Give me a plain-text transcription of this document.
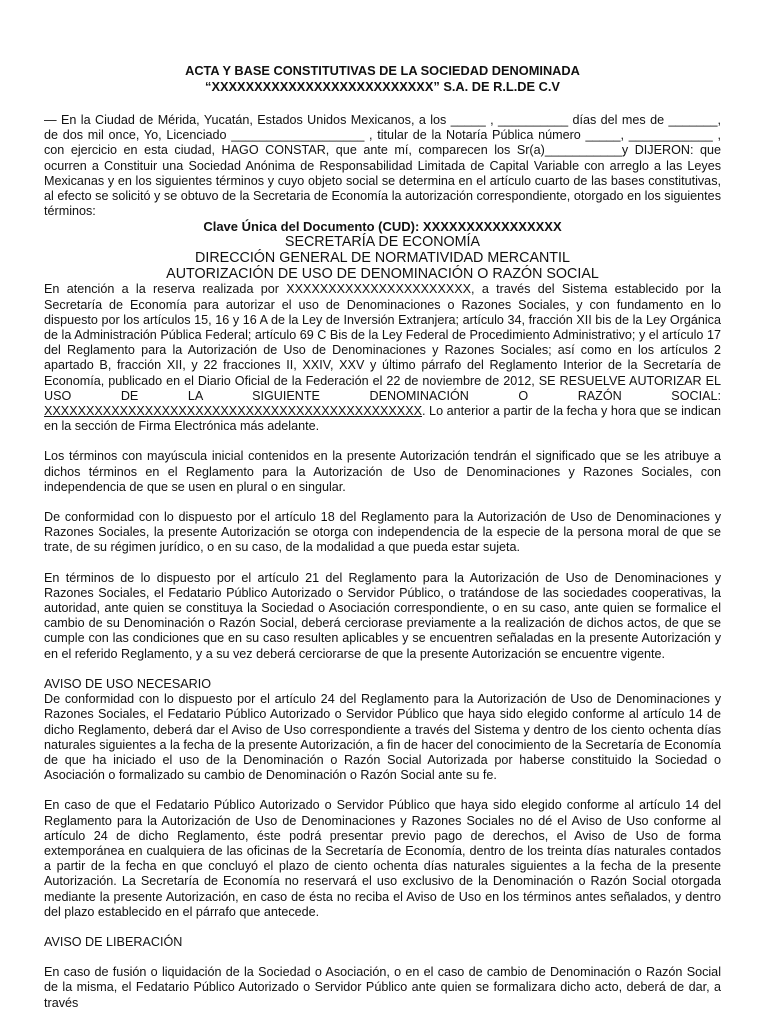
ACTA Y BASE CONSTITUTIVAS DE LA SOCIEDAD DENOMINADA
“XXXXXXXXXXXXXXXXXXXXXXXXXX” S.A. DE R.L.DE C.V

— En la Ciudad de Mérida, Yucatán, Estados Unidos Mexicanos, a los _____ , __________ días del mes de _______, de dos mil once, Yo, Licenciado ___________________ , titular de la Notaría Pública número _____, ____________ , con ejercicio en esta ciudad, HAGO CONSTAR, que ante mí, comparecen los Sr(a)___________y DIJERON: que ocurren a Constituir una Sociedad Anónima de Responsabilidad Limitada de Capital Variable con arreglo a las Leyes Mexicanas y en los siguientes términos y cuyo objeto social se determina en el artículo cuarto de las bases constitutivas, al efecto se solicitó y se obtuvo de la Secretaria de Economía la autorización correspondiente, otorgado en los siguientes términos:

Clave Única del Documento (CUD): XXXXXXXXXXXXXXXX
SECRETARÍA DE ECONOMÍA
DIRECCIÓN GENERAL DE NORMATIVIDAD MERCANTIL
AUTORIZACIÓN DE USO DE DENOMINACIÓN O RAZÓN SOCIAL

En atención a la reserva realizada por XXXXXXXXXXXXXXXXXXXXXX, a través del Sistema establecido por la Secretaría de Economía para autorizar el uso de Denominaciones o Razones Sociales, y con fundamento en lo dispuesto por los artículos 15, 16 y 16 A de la Ley de Inversión Extranjera; artículo 34, fracción XII bis de la Ley Orgánica de la Administración Pública Federal; artículo 69 C Bis de la Ley Federal de Procedimiento Administrativo; y el artículo 17 del Reglamento para la Autorización de Uso de Denominaciones y Razones Sociales; así como en los artículos 2 apartado B, fracción XII, y 22 fracciones II, XXIV, XXV y último párrafo del Reglamento Interior de la Secretaría de Economía, publicado en el Diario Oficial de la Federación el 22 de noviembre de 2012, SE RESUELVE AUTORIZAR EL USO DE LA SIGUIENTE DENOMINACIÓN O RAZÓN SOCIAL: XXXXXXXXXXXXXXXXXXXXXXXXXXXXXXXXXXXXXXXXXXXXX. Lo anterior a partir de la fecha y hora que se indican en la sección de Firma Electrónica más adelante.

Los términos con mayúscula inicial contenidos en la presente Autorización tendrán el significado que se les atribuye a dichos términos en el Reglamento para la Autorización de Uso de Denominaciones y Razones Sociales, con independencia de que se usen en plural o en singular.

De conformidad con lo dispuesto por el artículo 18 del Reglamento para la Autorización de Uso de Denominaciones y Razones Sociales, la presente Autorización se otorga con independencia de la especie de la persona moral de que se trate, de su régimen jurídico, o en su caso, de la modalidad a que pueda estar sujeta.

En términos de lo dispuesto por el artículo 21 del Reglamento para la Autorización de Uso de Denominaciones y Razones Sociales, el Fedatario Público Autorizado o Servidor Público, o tratándose de las sociedades cooperativas, la autoridad, ante quien se constituya la Sociedad o Asociación correspondiente, o en su caso, ante quien se formalice el cambio de su Denominación o Razón Social, deberá cerciorase previamente a la realización de dichos actos, de que se cumple con las condiciones que en su caso resulten aplicables y se encuentren señaladas en la presente Autorización y en el referido Reglamento, y a su vez deberá cerciorarse de que la presente Autorización se encuentre vigente.

AVISO DE USO NECESARIO

De conformidad con lo dispuesto por el artículo 24 del Reglamento para la Autorización de Uso de Denominaciones y Razones Sociales, el Fedatario Público Autorizado o Servidor Público que haya sido elegido conforme al artículo 14 de dicho Reglamento, deberá dar el Aviso de Uso correspondiente a través del Sistema y dentro de los ciento ochenta días naturales siguientes a la fecha de la presente Autorización, a fin de hacer del conocimiento de la Secretaría de Economía de que ha iniciado el uso de la Denominación o Razón Social Autorizada por haberse constituido la Sociedad o Asociación o formalizado su cambio de Denominación o Razón Social ante su fe.

En caso de que el Fedatario Público Autorizado o Servidor Público que haya sido elegido conforme al artículo 14 del Reglamento para la Autorización de Uso de Denominaciones y Razones Sociales no dé el Aviso de Uso conforme al artículo 24 de dicho Reglamento, éste podrá presentar previo pago de derechos, el Aviso de Uso de forma extemporánea en cualquiera de las oficinas de la Secretaría de Economía, dentro de los treinta días naturales contados a partir de la fecha en que concluyó el plazo de ciento ochenta días naturales siguientes a la fecha de la presente Autorización. La Secretaría de Economía no reservará el uso exclusivo de la Denominación o Razón Social otorgada mediante la presente Autorización, en caso de ésta no reciba el Aviso de Uso en los términos antes señalados, y dentro del plazo establecido en el párrafo que antecede.

AVISO DE LIBERACIÓN

En caso de fusión o liquidación de la Sociedad o Asociación, o en el caso de cambio de Denominación o Razón Social de la misma, el Fedatario Público Autorizado o Servidor Público ante quien se formalizara dicho acto, deberá de dar, a través
